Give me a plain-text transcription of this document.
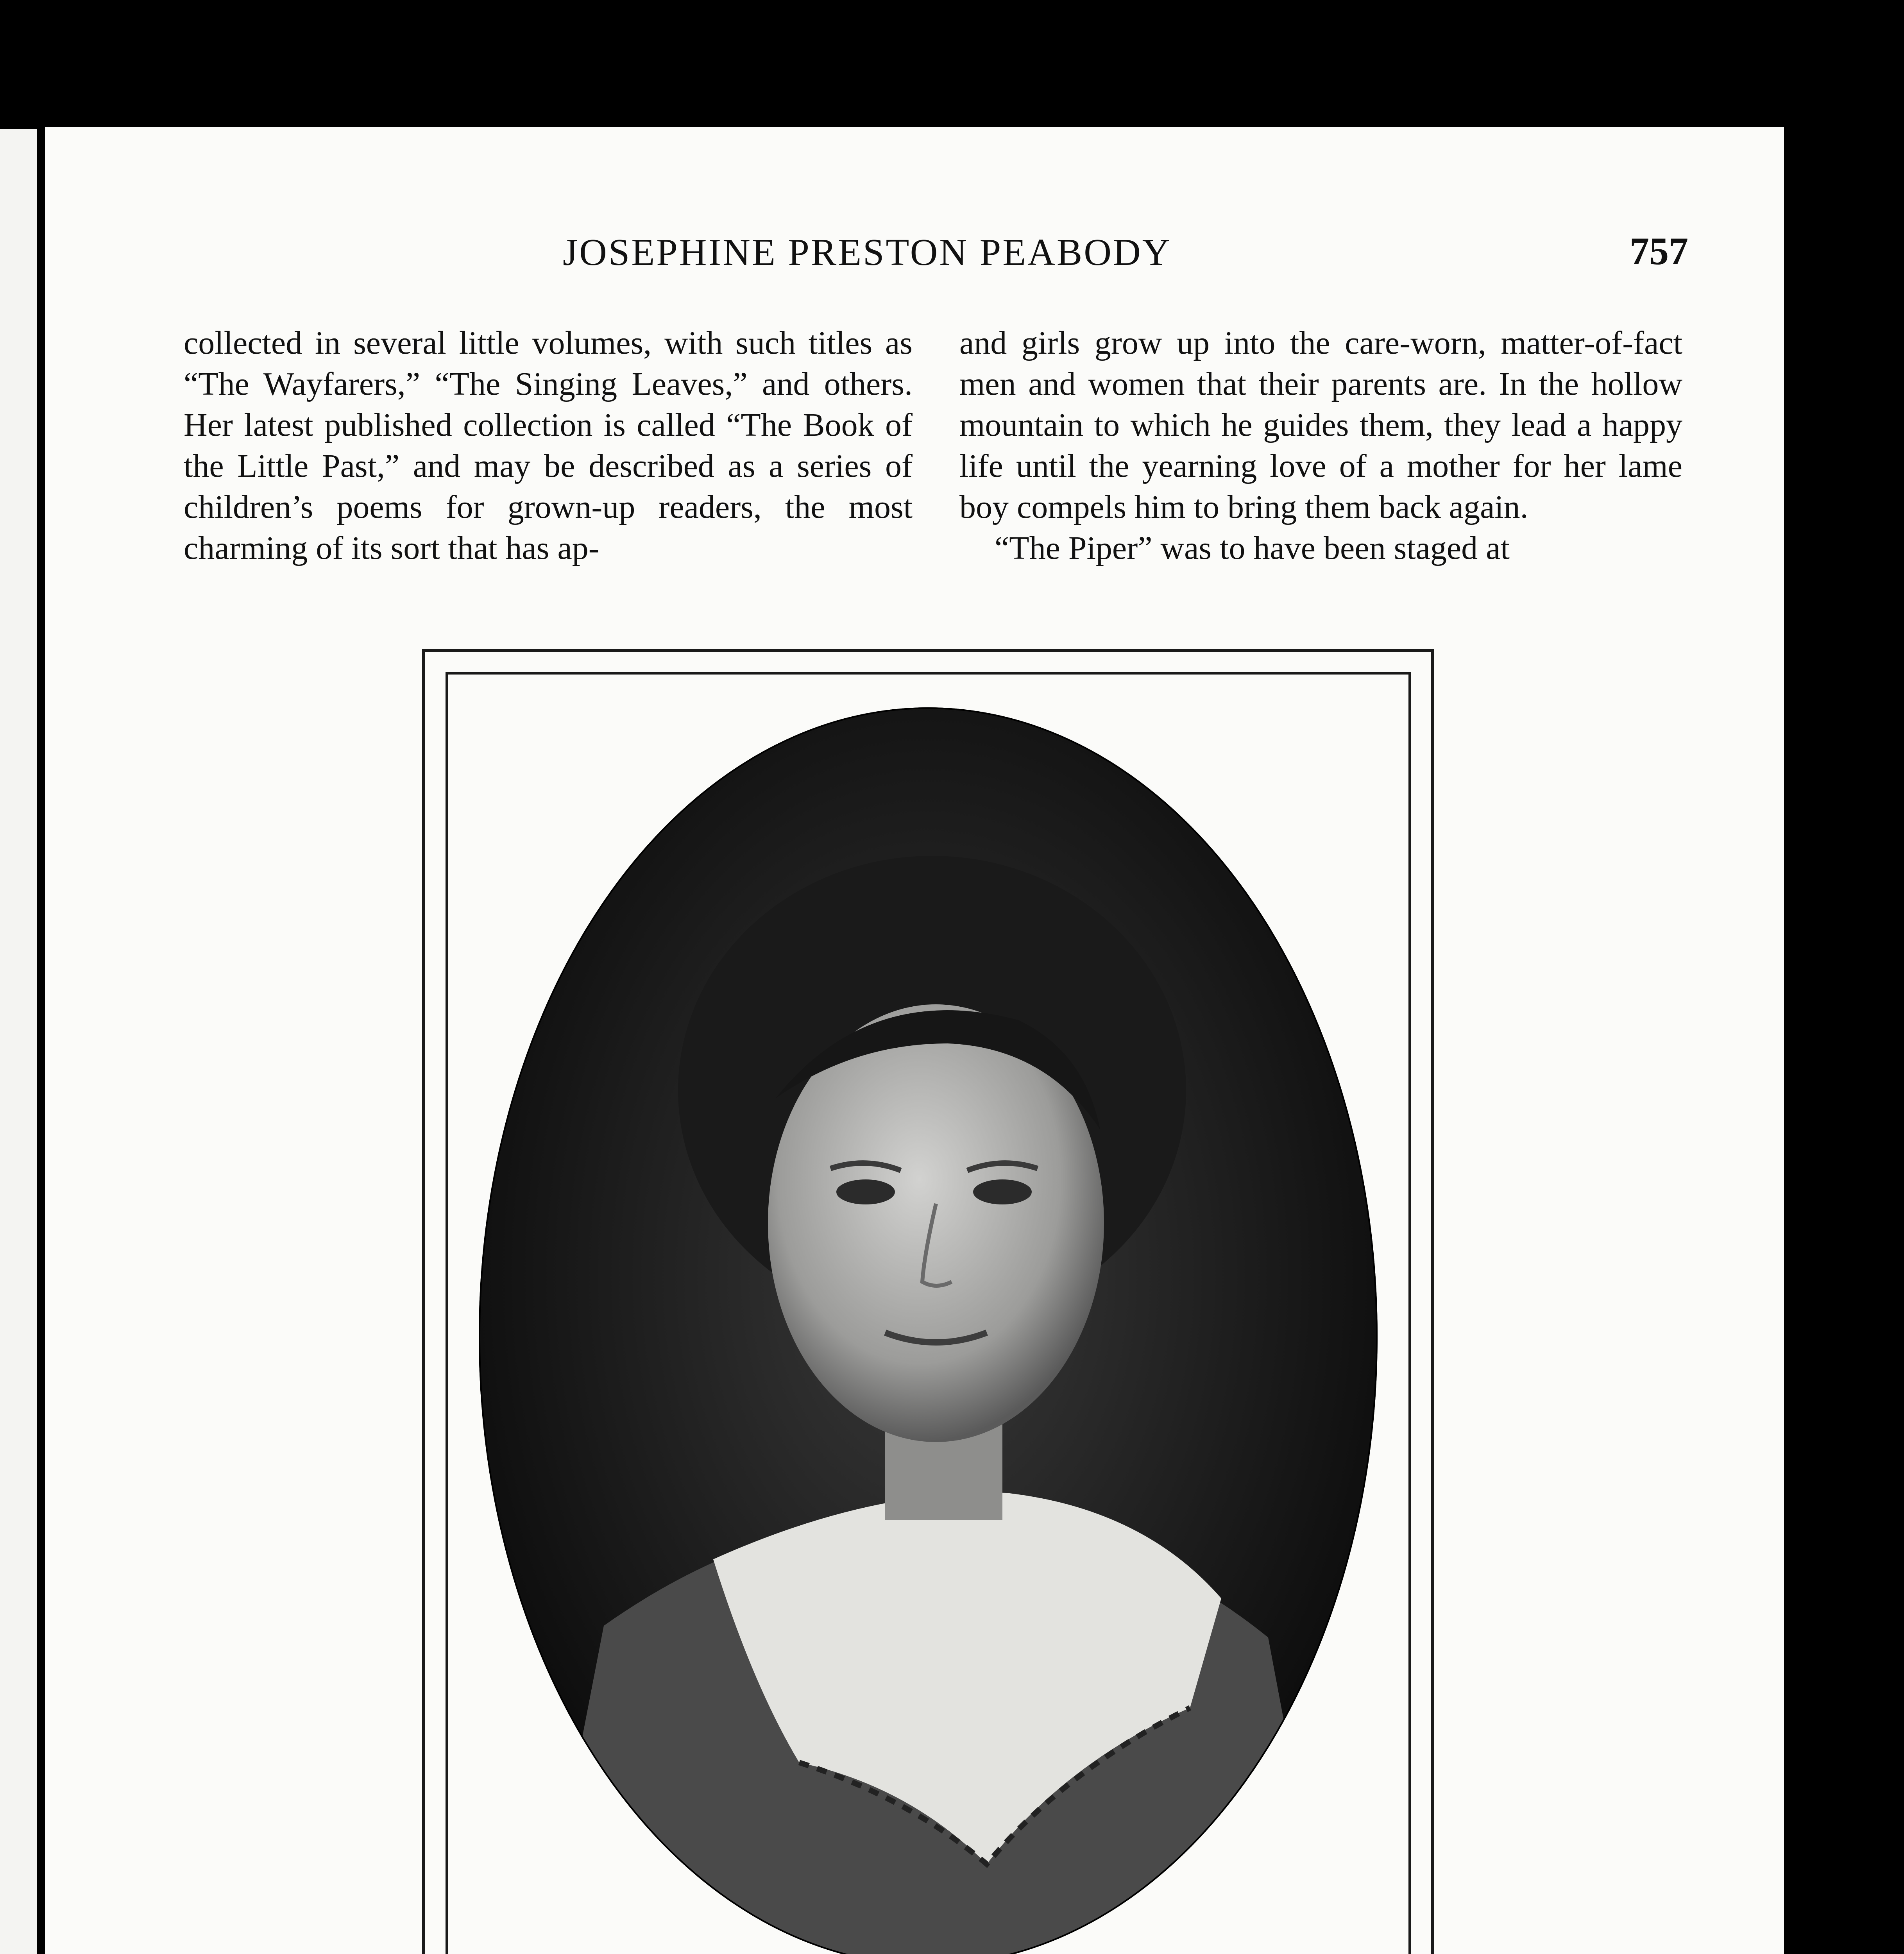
JOSEPHINE PRESTON PEABODY	757

collected in several little volumes, with such titles as “The Wayfarers,” “The Singing Leaves,” and others. Her latest published collection is called “The Book of the Little Past,” and may be described as a series of children’s poems for grown-up readers, the most charming of its sort that has ap-

and girls grow up into the care-worn, matter-of-fact men and women that their parents are. In the hollow mountain to which he guides them, they lead a happy life until the yearning love of a mother for her lame boy compels him to bring them back again.

“The Piper” was to have been staged at
